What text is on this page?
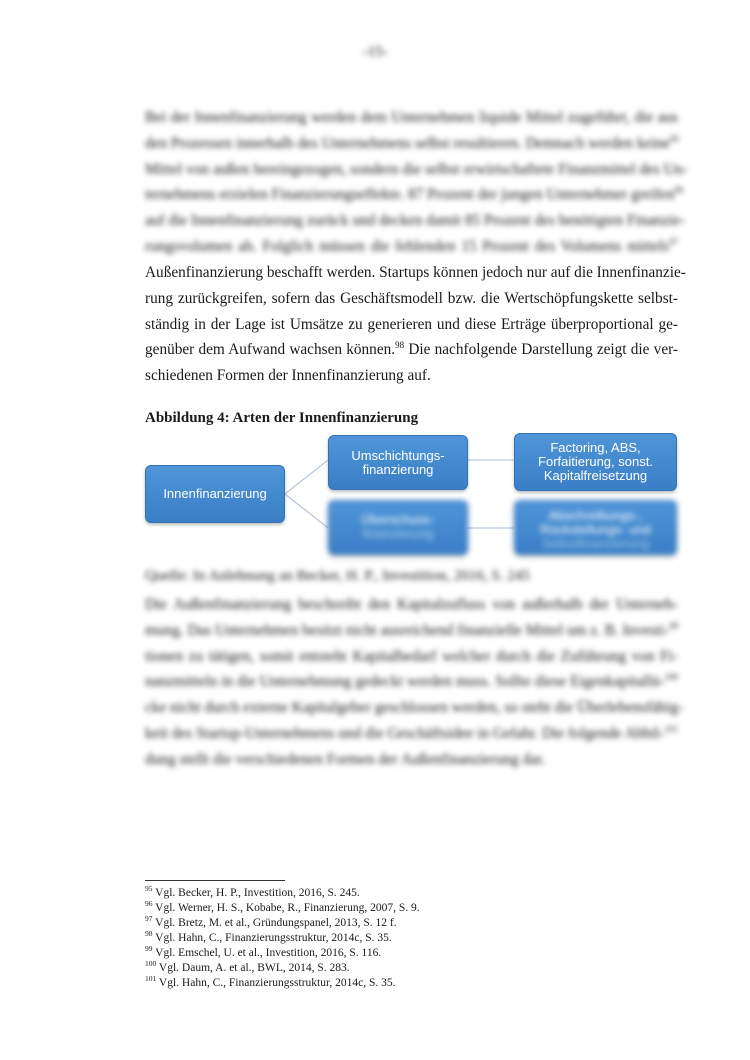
-15-

Bei der Innenfinanzierung werden dem Unternehmen liquide Mittel zugeführt, die aus
den Prozessen innerhalb des Unternehmens selbst resultieren. Demnach werden keine$^{95}$
Mittel von außen hereingezogen, sondern die selbst erwirtschaftete Finanzmittel des Un-
ternehmens erzielen Finanzierungseffekte. 87 Prozent der jungen Unternehmer greifen$^{96}$
auf die Innenfinanzierung zurück und decken damit 85 Prozent des benötigten Finanzie-
rungsvolumen ab. Folglich müssen die fehlenden 15 Prozent des Volumens mittels$^{97}$

Außenfinanzierung beschafft werden. Startups können jedoch nur auf die Innenfinanzie-
rung zurückgreifen, sofern das Geschäftsmodell bzw. die Wertschöpfungskette selbst-
ständig in der Lage ist Umsätze zu generieren und diese Erträge überproportional ge-
genüber dem Aufwand wachsen können.$^{98}$ Die nachfolgende Darstellung zeigt die ver-
schiedenen Formen der Innenfinanzierung auf.

Abbildung 4: Arten der Innenfinanzierung
Innenfinanzierung
Umschichtungs-
finanzierung
Überschuss-
finanzierung
Factoring, ABS,
Forfaitierung, sonst.
Kapitalfreisetzung
Abschreibungs-,
Rückstellungs- und
Selbstfinanzierung

Quelle: In Anlehnung an Becker, H. P., Investition, 2016, S. 245

Die Außenfinanzierung beschreibt den Kapitalzufluss von außerhalb der Unterneh-
mung. Das Unternehmen besitzt nicht ausreichend finanzielle Mittel um z. B. Investi-$^{99}$
tionen zu tätigen, somit entsteht Kapitalbedarf welcher durch die Zuführung von Fi-
nanzmitteln in die Unternehmung gedeckt werden muss. Sollte diese Eigenkapitallü-$^{100}$
cke nicht durch externe Kapitalgeber geschlossen werden, so steht die Überlebensfähig-
keit des Startup-Unternehmens und die Geschäftsidee in Gefahr. Die folgende Abbil-$^{101}$
dung stellt die verschiedenen Formen der Außenfinanzierung dar.

$^{95}$ Vgl. Becker, H. P., Investition, 2016, S. 245.
$^{96}$ Vgl. Werner, H. S., Kobabe, R., Finanzierung, 2007, S. 9.
$^{97}$ Vgl. Bretz, M. et al., Gründungspanel, 2013, S. 12 f.
$^{98}$ Vgl. Hahn, C., Finanzierungsstruktur, 2014c, S. 35.
$^{99}$ Vgl. Emschel, U. et al., Investition, 2016, S. 116.
$^{100}$ Vgl. Daum, A. et al., BWL, 2014, S. 283.
$^{101}$ Vgl. Hahn, C., Finanzierungsstruktur, 2014c, S. 35.
